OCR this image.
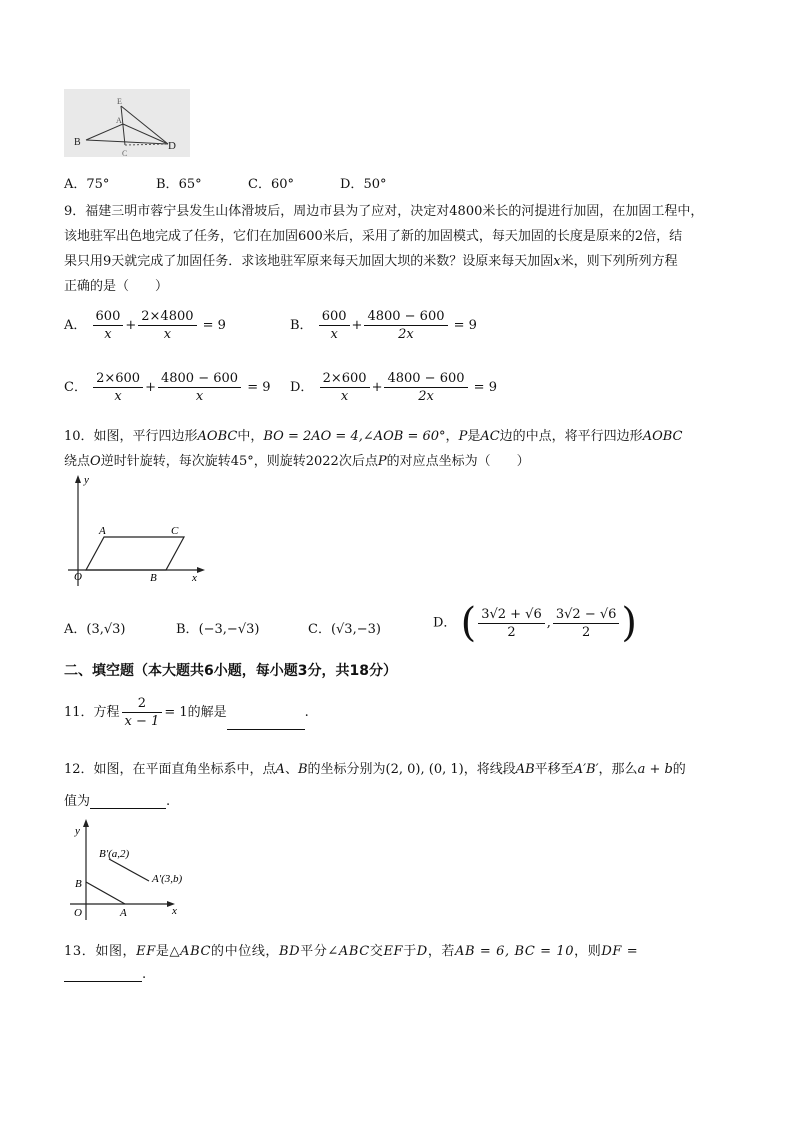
E
A
B
C
D
A．75°	B．65°	C．60°	D．50°
9．福建三明市蓉宁县发生山体滑坡后，周边市县为了应对，决定对4800米长的河提进行加固，在加固工程中，
该地驻军出色地完成了任务，它们在加固600米后，采用了新的加固模式，每天加固的长度是原来的2倍，结
果只用9天就完成了加固任务．求该地驻军原来每天加固大坝的米数？设原来每天加固x米，则下列所列方程
正确的是（　　）
A． $\frac{600}{x} + \frac{2\times 4800}{x} = 9$	B． $\frac{600}{x} + \frac{4800 - 600}{2x} = 9$
C． $\frac{2\times 600}{x} + \frac{4800 - 600}{x} = 9$ D． $\frac{2\times 600}{x} + \frac{4800 - 600}{2x} = 9$
10．如图，平行四边形AOBC中，BO = 2AO = 4,∠AOB = 60°，P是AC边的中点，将平行四边形AOBC
绕点O逆时针旋转，每次旋转45°，则旋转2022次后点P的对应点坐标为（　　）
y
x
O
A	C
B
A．(3,√3)	B．(−3,−√3)	C．(√3,−3)	D． ( $\frac{3√2 + √6}{2}$ , $\frac{3√2 - √6}{2}$ )
二、填空题（本大题共6小题，每小题3分，共18分）
11．方程 $\frac{2}{x - 1} = 1$的解是	.
12．如图，在平面直角坐标系中，点A、B的坐标分别为(2, 0), (0, 1)，将线段AB平移至A′B′，那么a + b的
值为	.
y
x
O	A
B
B′(a,2)
A′(3,b)
13．如图，EF是△ABC的中位线，BD平分∠ABC交EF于D，若AB = 6, BC = 10，则DF =
.
